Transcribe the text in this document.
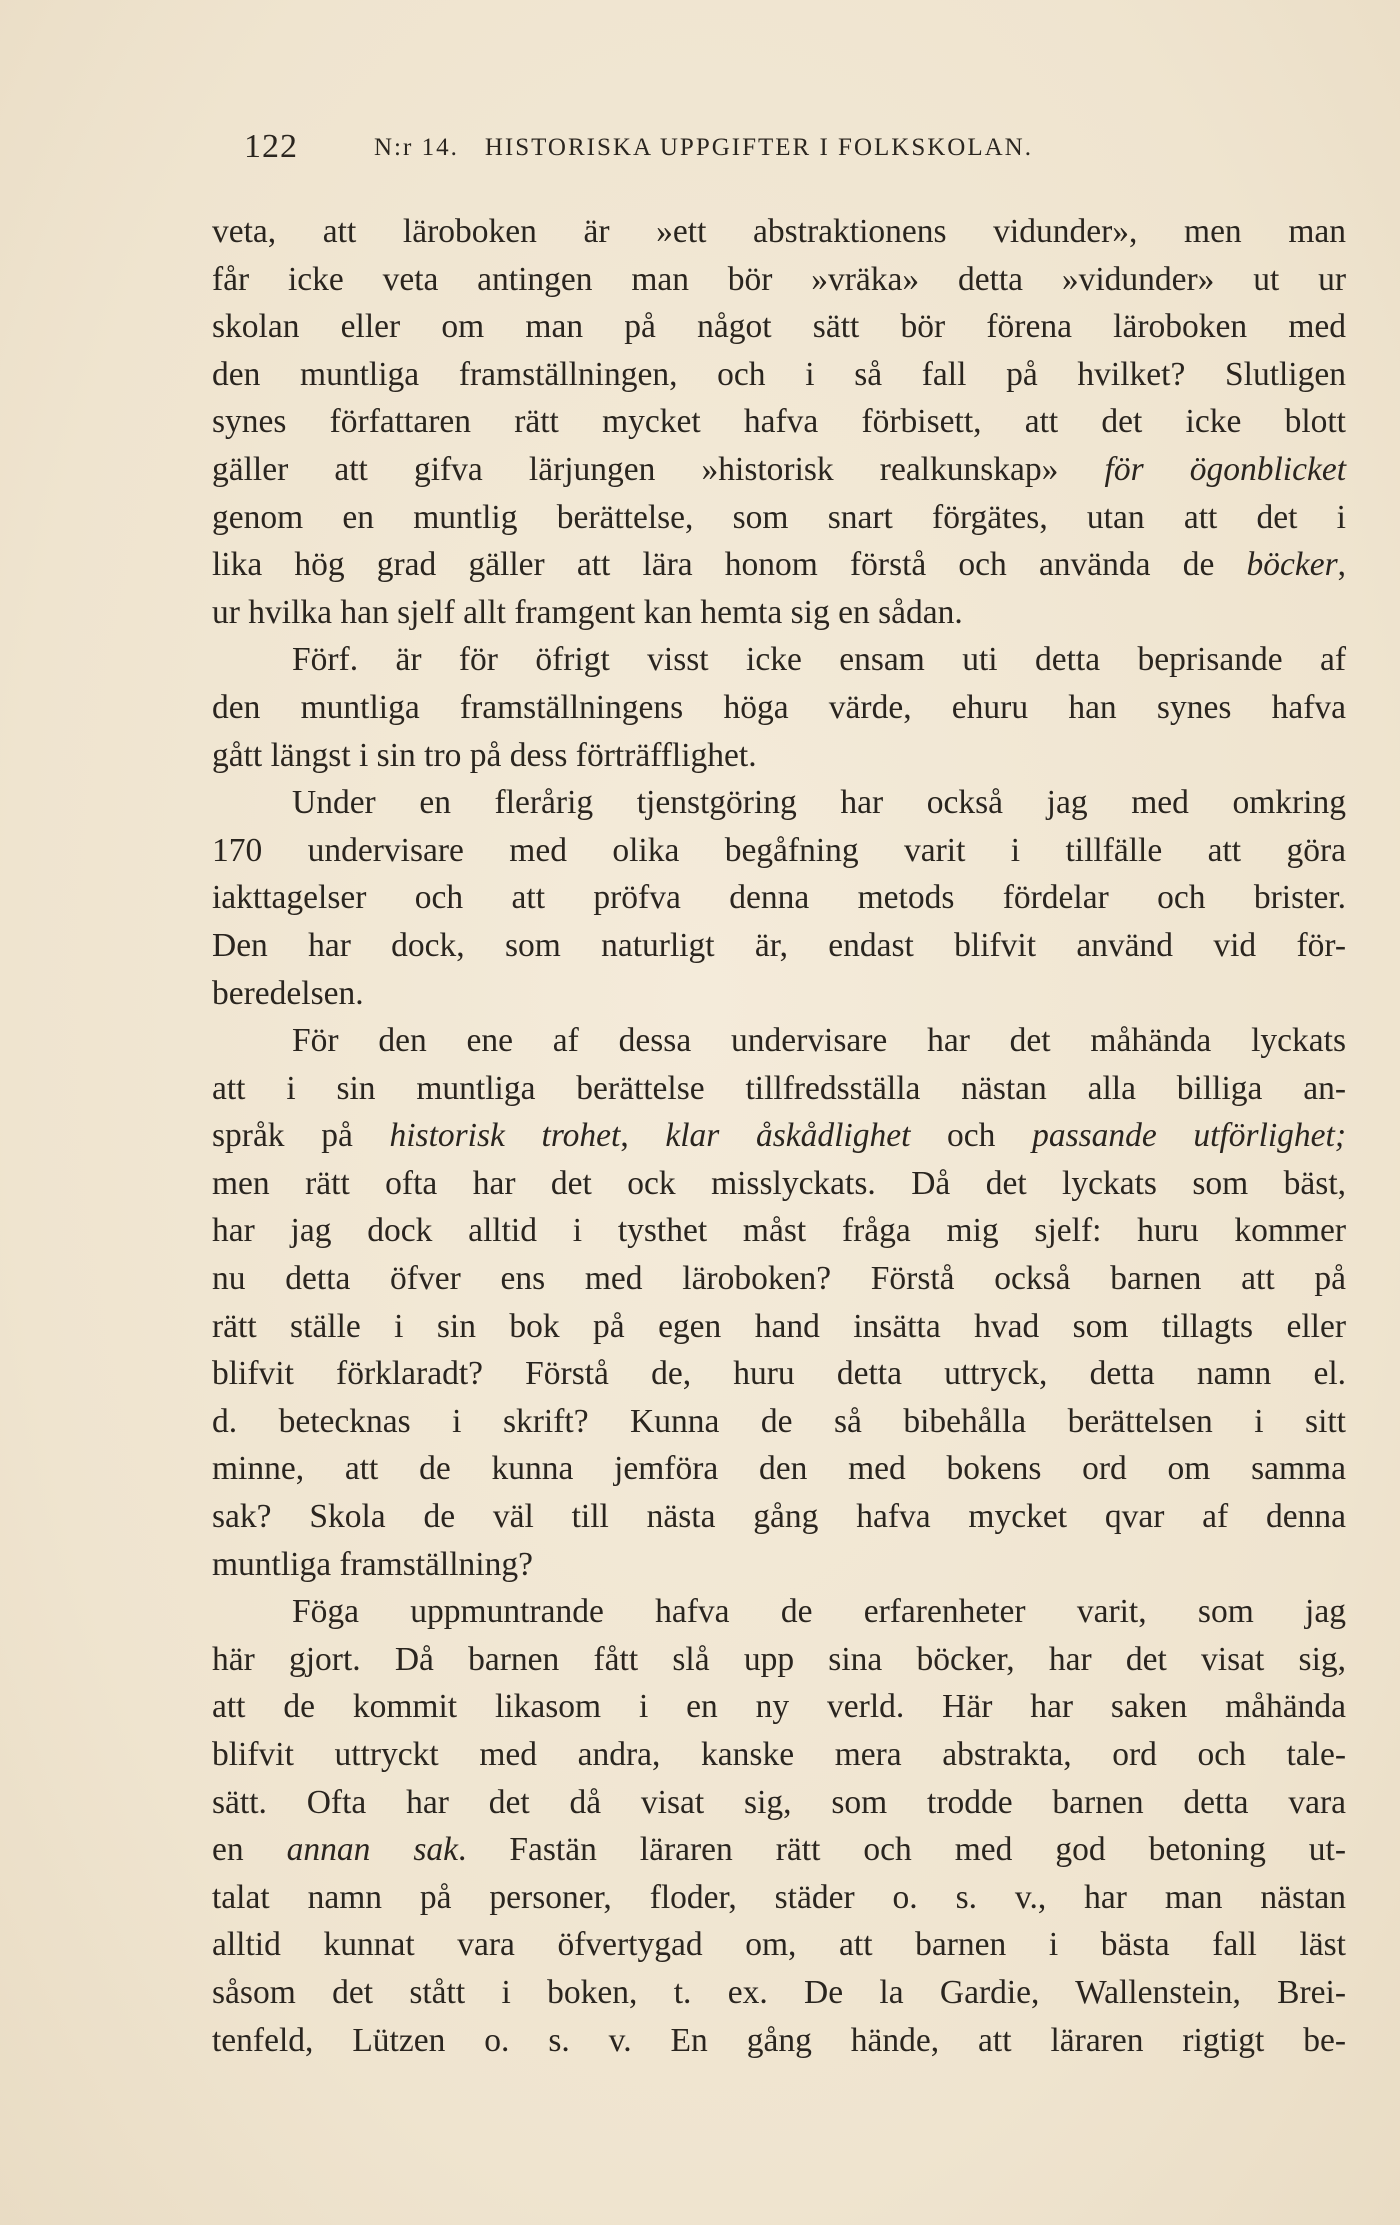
122	N:r 14. HISTORISKA UPPGIFTER I FOLKSKOLAN.
veta, att läroboken är »ett abstraktionens vidunder», men man
får icke veta antingen man bör »vräka» detta »vidunder» ut ur
skolan eller om man på något sätt bör förena läroboken med
den muntliga framställningen, och i så fall på hvilket? Slutligen
synes författaren rätt mycket hafva förbisett, att det icke blott
gäller att gifva lärjungen »historisk realkunskap» för ögonblicket
genom en muntlig berättelse, som snart förgätes, utan att det i
lika hög grad gäller att lära honom förstå och använda de böcker,
ur hvilka han sjelf allt framgent kan hemta sig en sådan.
Förf. är för öfrigt visst icke ensam uti detta beprisande af
den muntliga framställningens höga värde, ehuru han synes hafva
gått längst i sin tro på dess förträfflighet.
Under en flerårig tjenstgöring har också jag med omkring
170 undervisare med olika begåfning varit i tillfälle att göra
iakttagelser och att pröfva denna metods fördelar och brister.
Den har dock, som naturligt är, endast blifvit använd vid för-
beredelsen.
För den ene af dessa undervisare har det måhända lyckats
att i sin muntliga berättelse tillfredsställa nästan alla billiga an-
språk på historisk trohet, klar åskådlighet och passande utförlighet;
men rätt ofta har det ock misslyckats. Då det lyckats som bäst,
har jag dock alltid i tysthet måst fråga mig sjelf: huru kommer
nu detta öfver ens med läroboken? Förstå också barnen att på
rätt ställe i sin bok på egen hand insätta hvad som tillagts eller
blifvit förklaradt? Förstå de, huru detta uttryck, detta namn el.
d. betecknas i skrift? Kunna de så bibehålla berättelsen i sitt
minne, att de kunna jemföra den med bokens ord om samma
sak? Skola de väl till nästa gång hafva mycket qvar af denna
muntliga framställning?
Föga uppmuntrande hafva de erfarenheter varit, som jag
här gjort. Då barnen fått slå upp sina böcker, har det visat sig,
att de kommit likasom i en ny verld. Här har saken måhända
blifvit uttryckt med andra, kanske mera abstrakta, ord och tale-
sätt. Ofta har det då visat sig, som trodde barnen detta vara
en annan sak. Fastän läraren rätt och med god betoning ut-
talat namn på personer, floder, städer o. s. v., har man nästan
alltid kunnat vara öfvertygad om, att barnen i bästa fall läst
såsom det stått i boken, t. ex. De la Gardie, Wallenstein, Brei-
tenfeld, Lützen o. s. v. En gång hände, att läraren rigtigt be-
